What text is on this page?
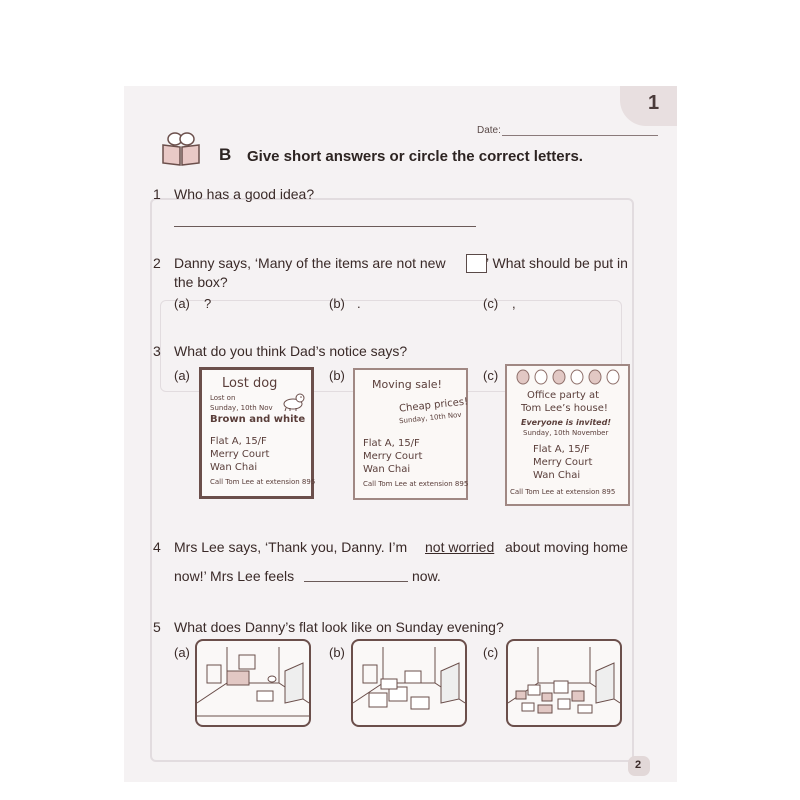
1
Date:
B Give short answers or circle the correct letters.
1 Who has a good idea?
2 Danny says, ‘Many of the items are not new	’ What should be put in
the box?
(a) ?	(b) .	(c) ,
3 What do you think Dad’s notice says?
(a)	(b)	(c)
Lost dog
Lost on
Sunday, 10th Nov
Brown and white
Flat A, 15/F
Merry Court
Wan Chai
Call Tom Lee at extension 895
Moving sale!
Cheap prices!
Sunday, 10th Nov
Flat A, 15/F
Merry Court
Wan Chai
Call Tom Lee at extension 895
Office party at
Tom Lee’s house!
Everyone is invited!
Sunday, 10th November
Flat A, 15/F
Merry Court
Wan Chai
Call Tom Lee at extension 895
4 Mrs Lee says, ‘Thank you, Danny. I’m not worried about moving home
now!’ Mrs Lee feels	now.
5 What does Danny’s flat look like on Sunday evening?
(a)	(b)	(c)
2
